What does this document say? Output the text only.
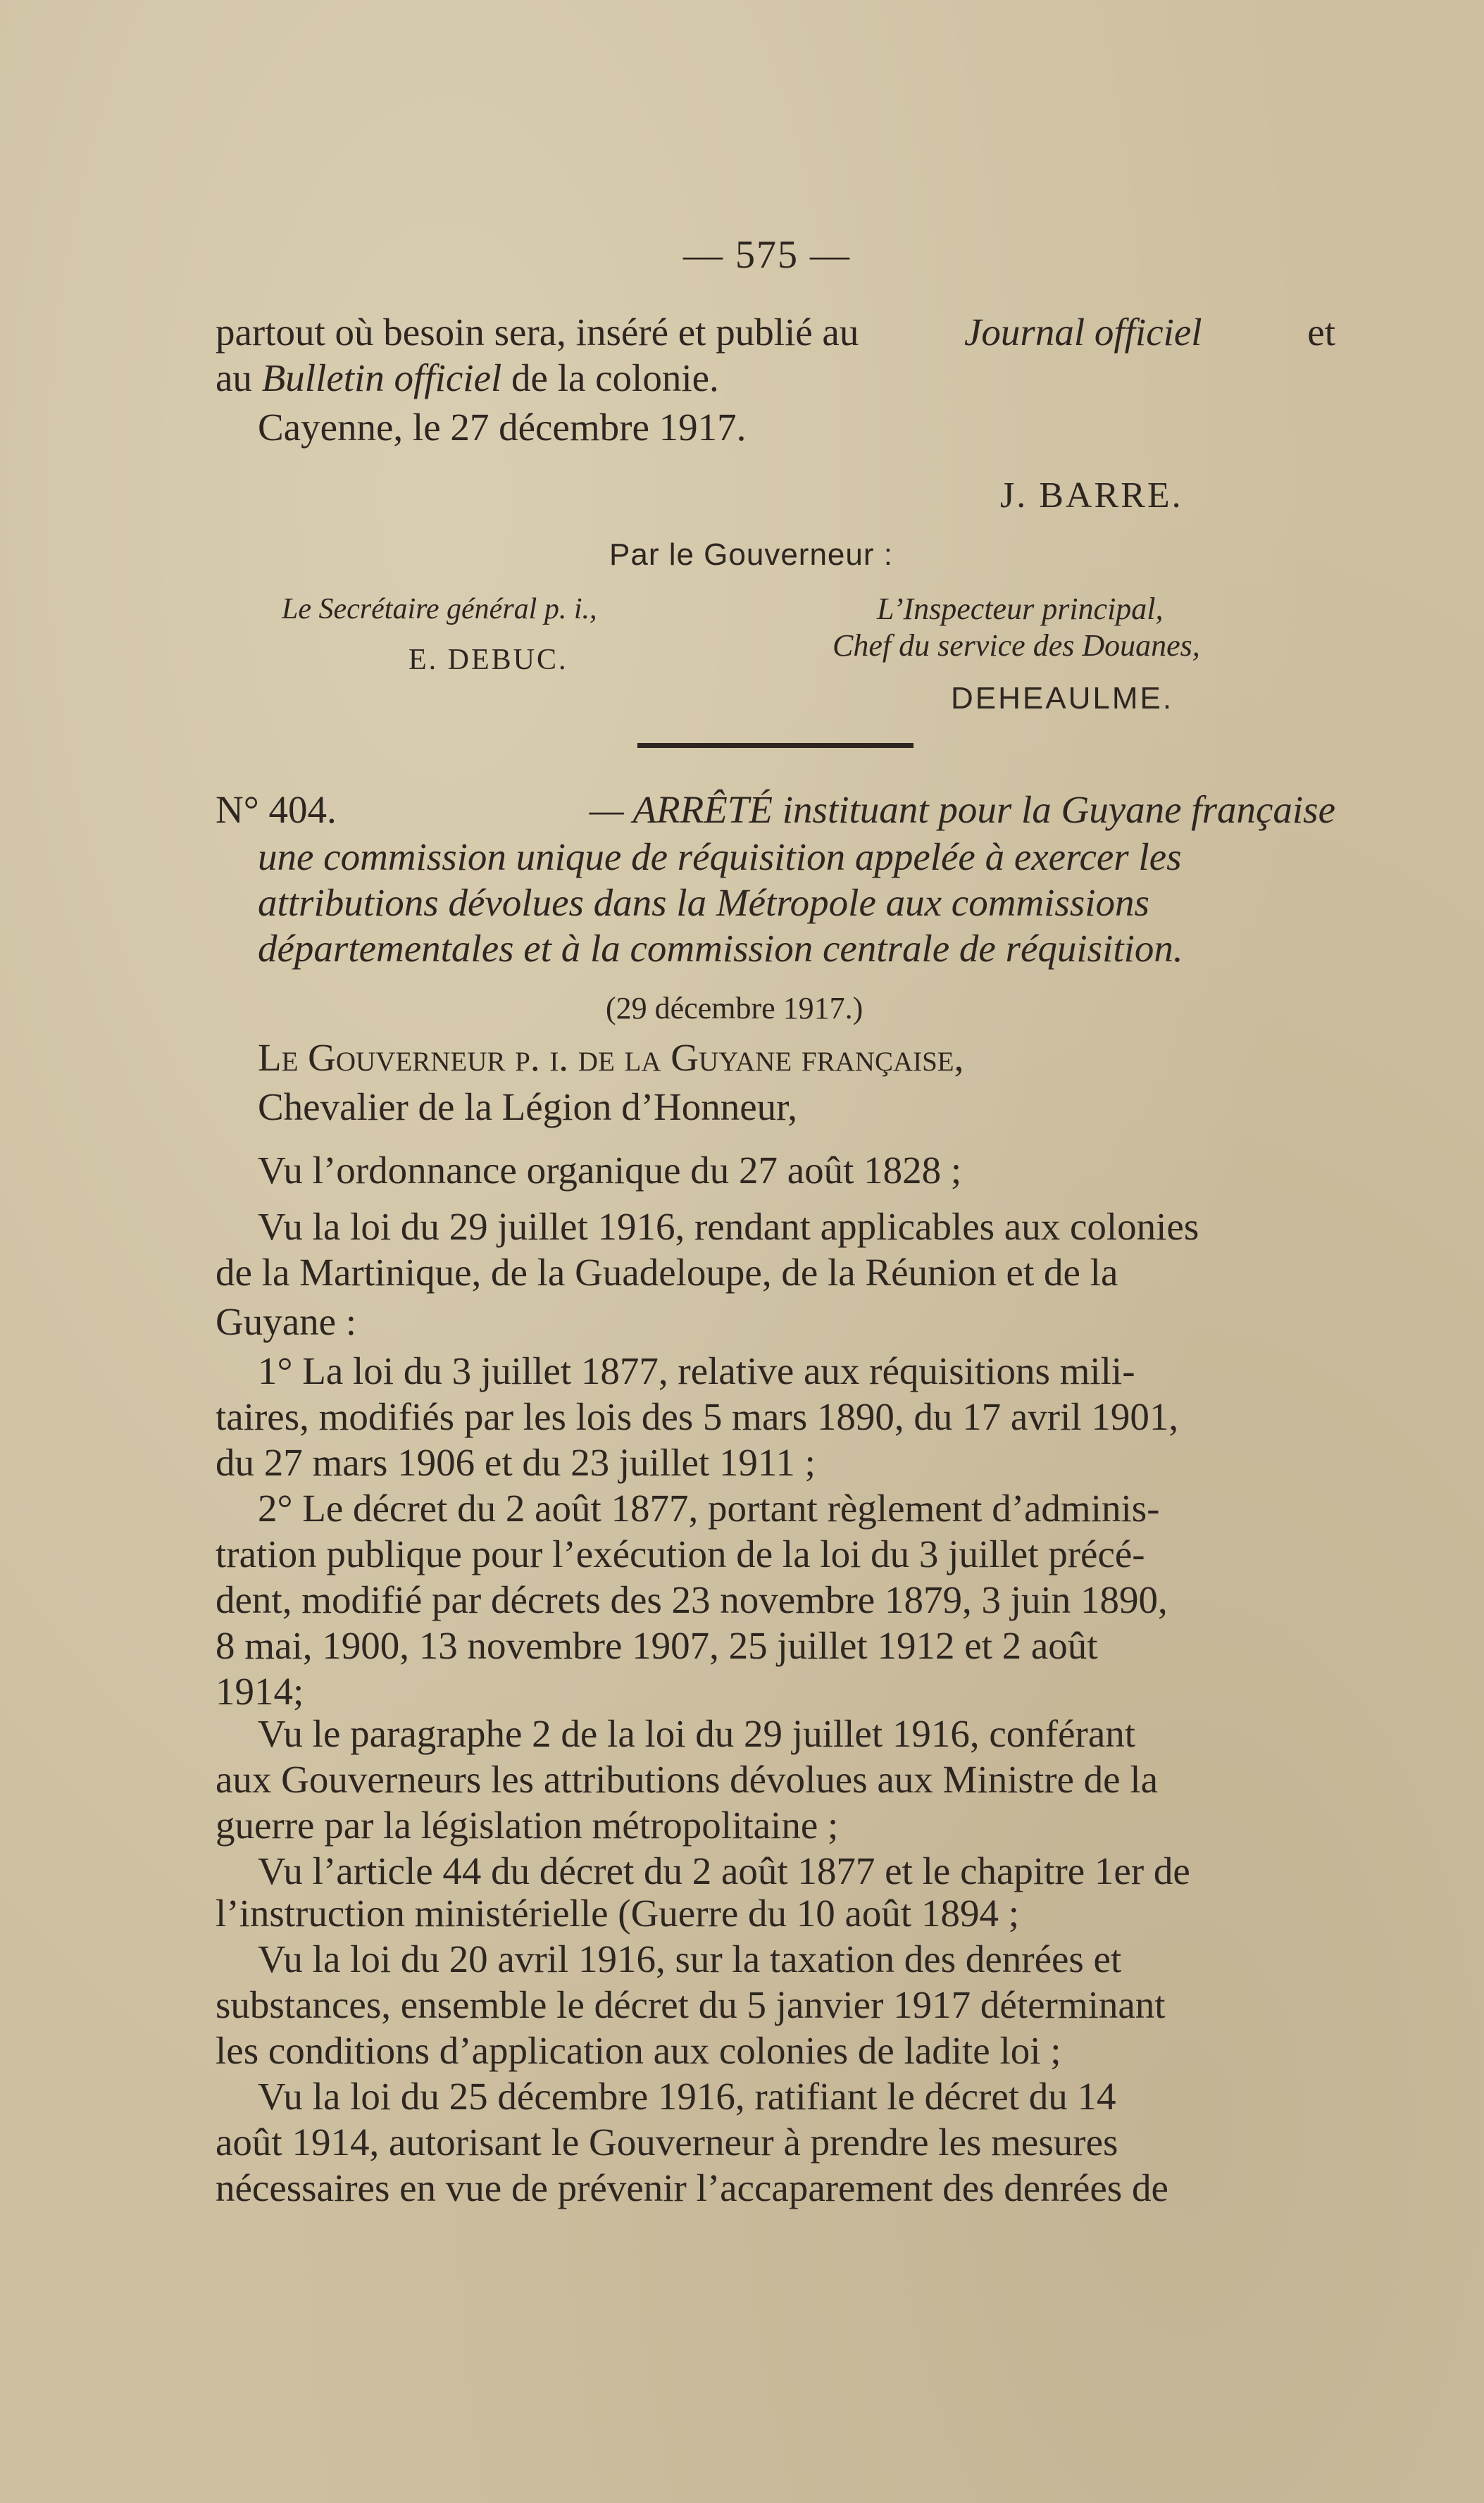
— 575 —
partout où besoin sera, inséré et publié au	Journal officiel	et
au Bulletin officiel de la colonie.
Cayenne, le 27 décembre 1917.
J. BARRE.
Par le Gouverneur :
Le Secrétaire général p. i.,
E. DEBUC.
L’Inspecteur principal,
Chef du service des Douanes,
DEHEAULME.
N° 404.	— ARRÊTÉ instituant pour la Guyane française
une commission unique de réquisition appelée à exercer les
attributions dévolues dans la Métropole aux commissions
départementales et à la commission centrale de réquisition.
(29 décembre 1917.)
Le Gouverneur p. i. de la Guyane française,
Chevalier de la Légion d’Honneur,
Vu l’ordonnance organique du 27 août 1828 ;
Vu la loi du 29 juillet 1916, rendant applicables aux colonies
de la Martinique, de la Guadeloupe, de la Réunion et de la
Guyane :
1° La loi du 3 juillet 1877, relative aux réquisitions mili-
taires, modifiés par les lois des 5 mars 1890, du 17 avril 1901,
du 27 mars 1906 et du 23 juillet 1911 ;
2° Le décret du 2 août 1877, portant règlement d’adminis-
tration publique pour l’exécution de la loi du 3 juillet précé-
dent, modifié par décrets des 23 novembre 1879, 3 juin 1890,
8 mai, 1900, 13 novembre 1907, 25 juillet 1912 et 2 août
1914;
Vu le paragraphe 2 de la loi du 29 juillet 1916, conférant
aux Gouverneurs les attributions dévolues aux Ministre de la
guerre par la législation métropolitaine ;
Vu l’article 44 du décret du 2 août 1877 et le chapitre 1er de
l’instruction ministérielle (Guerre du 10 août 1894 ;
Vu la loi du 20 avril 1916, sur la taxation des denrées et
substances, ensemble le décret du 5 janvier 1917 déterminant
les conditions d’application aux colonies de ladite loi ;
Vu la loi du 25 décembre 1916, ratifiant le décret du 14
août 1914, autorisant le Gouverneur à prendre les mesures
nécessaires en vue de prévenir l’accaparement des denrées de
